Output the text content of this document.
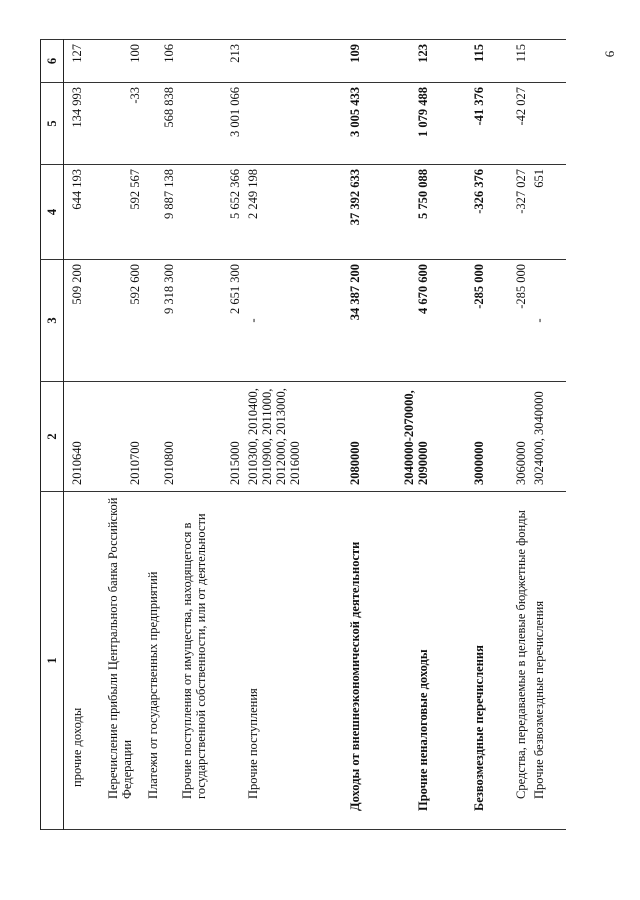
6
1	2	3	4	5	6
прочие доходы	2010640	509 200	644 193	134 993	127
Перечисление прибыли Центрального банка Российской Федерации	2010700	592 600	592 567	-33	100
Платежи от государственных предприятий	2010800	9 318 300	9 887 138	568 838	106
Прочие поступления от имущества, находящегося в государственной собственности, или от деятельности	2015000	2 651 300	5 652 366	3 001 066	213
Прочие поступления	2010300, 2010400, 2010900, 2011000, 2012000, 2013000, 2016000	-	2 249 198		
Доходы от внешнеэкономической деятельности	2080000	34 387 200	37 392 633	3 005 433	109
Прочие неналоговые доходы	2040000-2070000, 2090000	4 670 600	5 750 088	1 079 488	123
Безвозмездные перечисления	3000000	-285 000	-326 376	-41 376	115
Средства, передаваемые в целевые бюджетные фонды	3060000	-285 000	-327 027	-42 027	115
Прочие безвозмездные перечисления	3024000, 3040000	-	651		
